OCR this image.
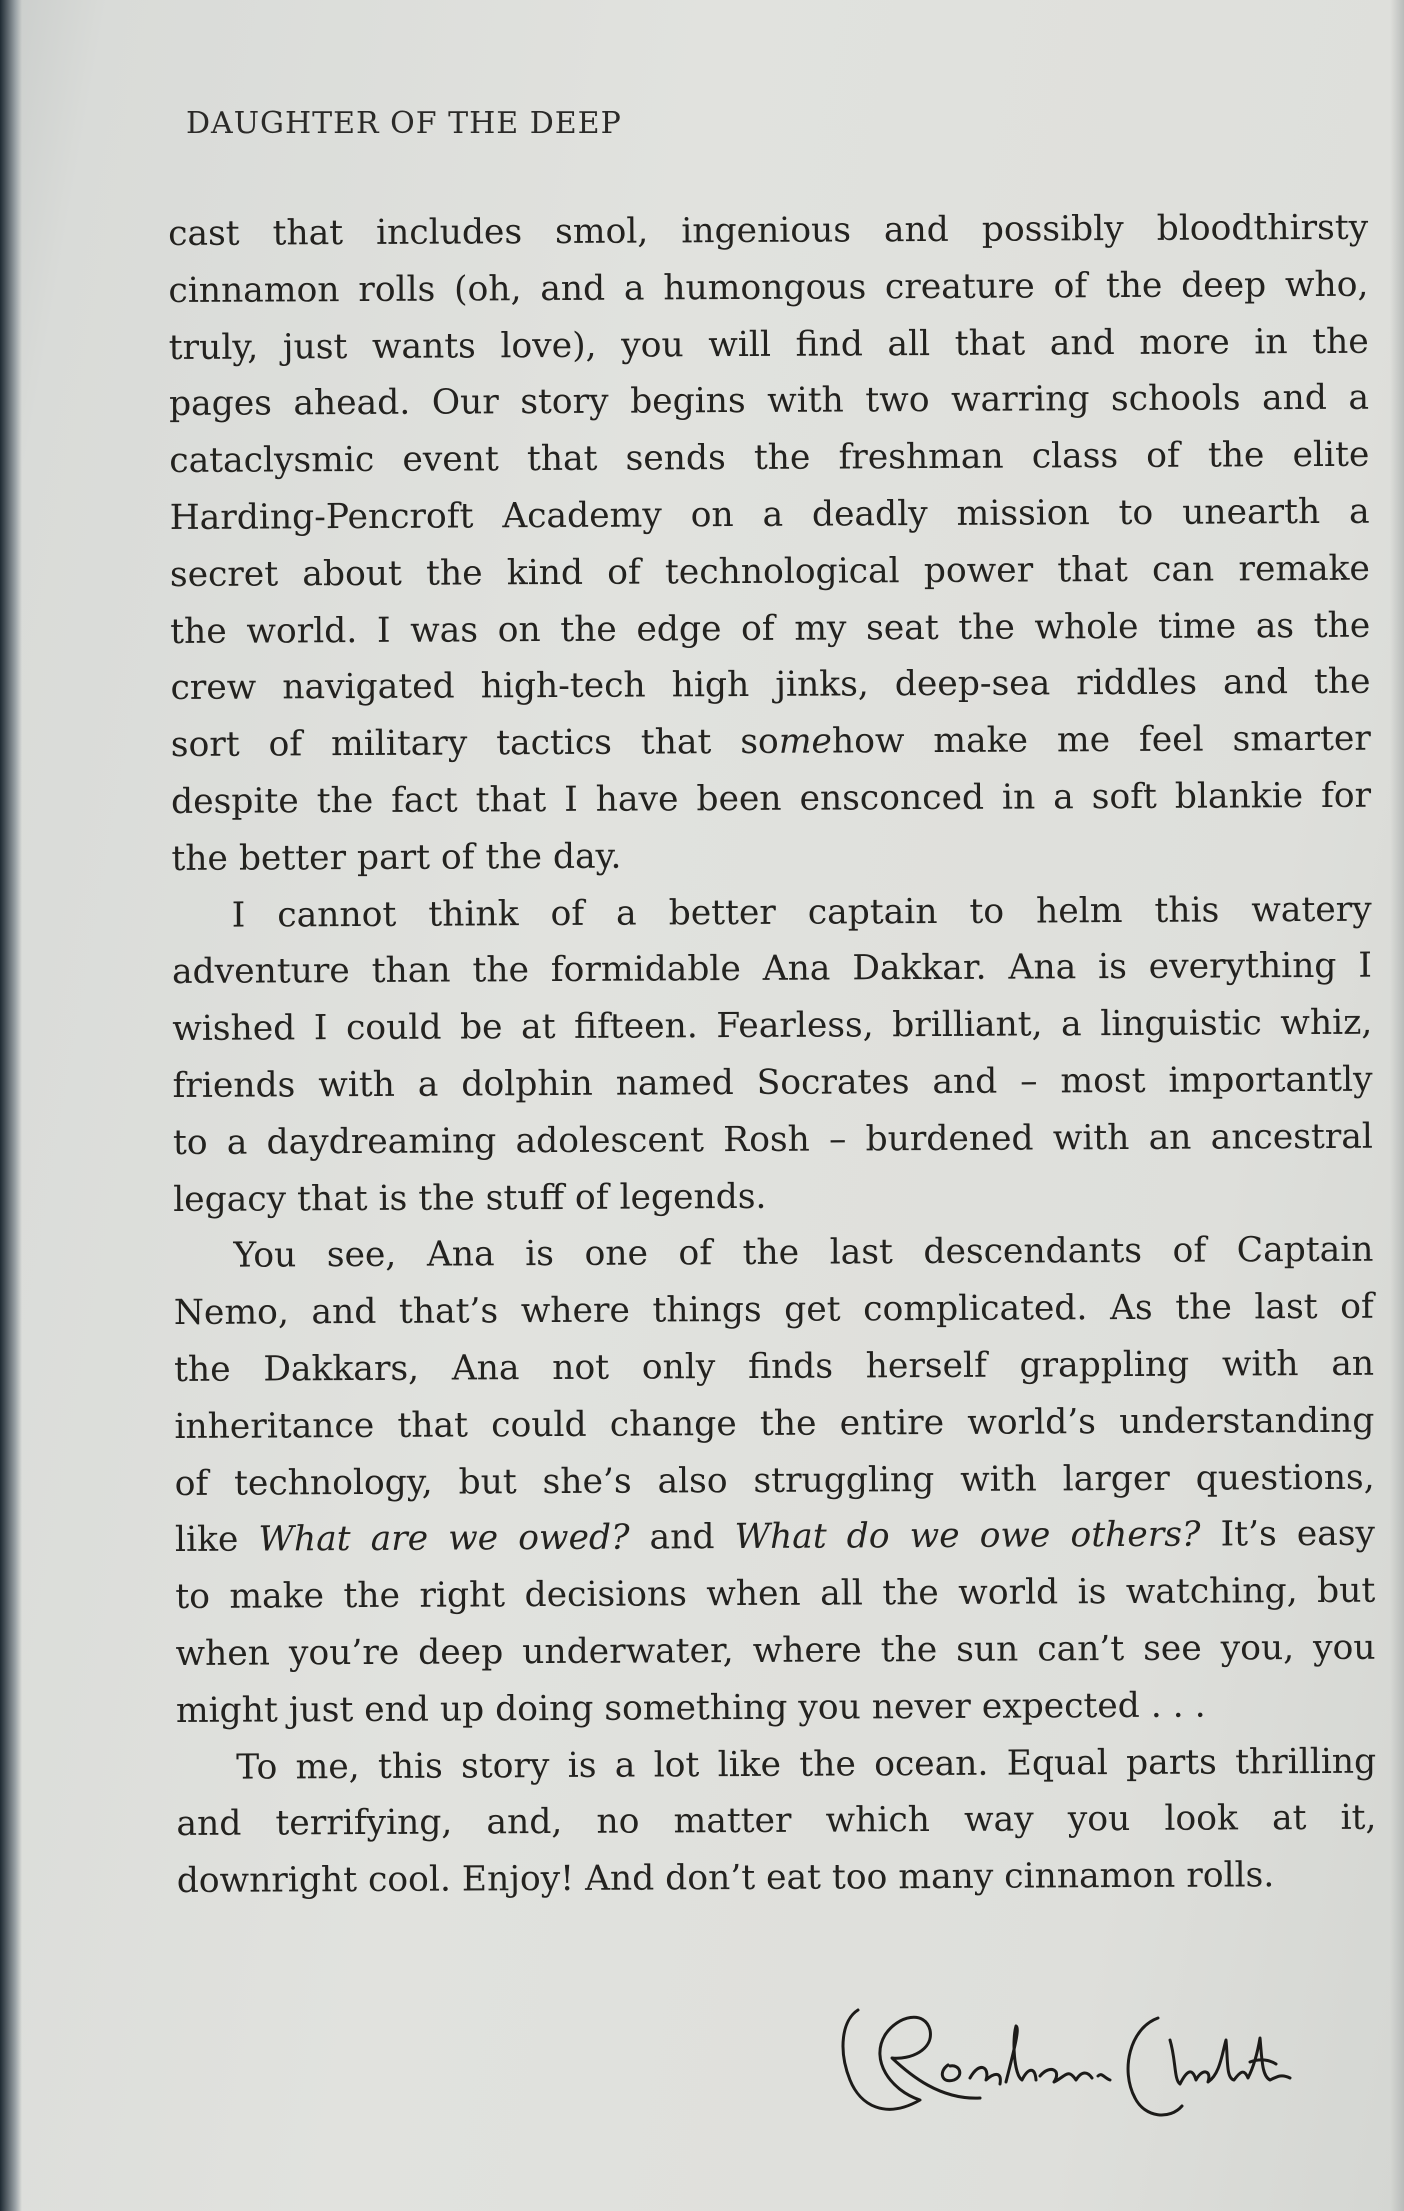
DAUGHTER OF THE DEEP
cast that includes smol, ingenious and possibly bloodthirsty
cinnamon rolls (oh, and a humongous creature of the deep who,
truly, just wants love), you will find all that and more in the
pages ahead. Our story begins with two warring schools and a
cataclysmic event that sends the freshman class of the elite
Harding-Pencroft Academy on a deadly mission to unearth a
secret about the kind of technological power that can remake
the world. I was on the edge of my seat the whole time as the
crew navigated high-tech high jinks, deep-sea riddles and the
sort of military tactics that somehow make me feel smarter
despite the fact that I have been ensconced in a soft blankie for
the better part of the day.
I cannot think of a better captain to helm this watery
adventure than the formidable Ana Dakkar. Ana is everything I
wished I could be at fifteen. Fearless, brilliant, a linguistic whiz,
friends with a dolphin named Socrates and – most importantly
to a daydreaming adolescent Rosh – burdened with an ancestral
legacy that is the stuff of legends.
You see, Ana is one of the last descendants of Captain
Nemo, and that’s where things get complicated. As the last of
the Dakkars, Ana not only finds herself grappling with an
inheritance that could change the entire world’s understanding
of technology, but she’s also struggling with larger questions,
like What are we owed? and What do we owe others? It’s easy
to make the right decisions when all the world is watching, but
when you’re deep underwater, where the sun can’t see you, you
might just end up doing something you never expected . . .
To me, this story is a lot like the ocean. Equal parts thrilling
and terrifying, and, no matter which way you look at it,
downright cool. Enjoy! And don’t eat too many cinnamon rolls.
